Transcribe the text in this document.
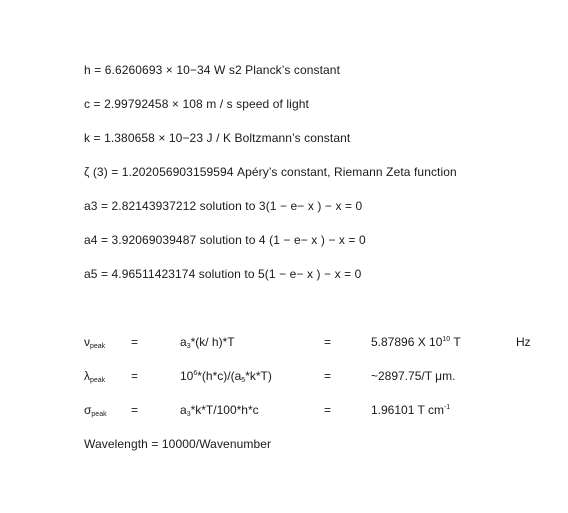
h = 6.6260693 × 10−34 W s2 Planck’s constant
c = 2.99792458 × 108 m / s speed of light
k = 1.380658 × 10−23 J / K Boltzmann’s constant
ζ (3) = 1.202056903159594 Apéry’s constant, Riemann Zeta function
a3 = 2.82143937212 solution to 3(1 − e− x ) − x = 0
a4 = 3.92069039487 solution to 4 (1 − e− x ) − x = 0
a5 = 4.96511423174 solution to 5(1 − e− x ) − x = 0
$\nu_{peak}$ =	$a_3*(k/$ h)*T	=	5.87896 X $10^{10}$ T	Hz
$\lambda_{peak}$ =	$10^6*(h*c)/(a_5*k*T)$	=	~2897.75/T μm.
$\sigma_{peak}$ =	$a_3*k*T/100*h*c$	=	1.96101 T $cm^{-1}$
Wavelength = 10000/Wavenumber
